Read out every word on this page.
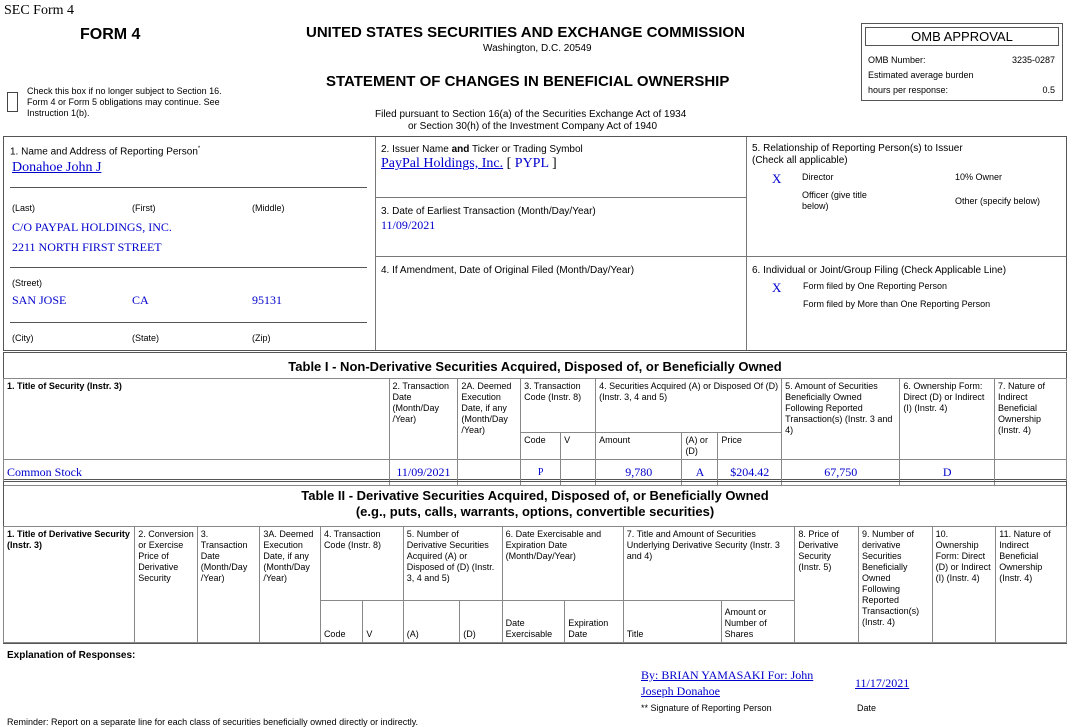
SEC Form 4
FORM 4	UNITED STATES SECURITIES AND EXCHANGE COMMISSION
Washington, D.C. 20549
STATEMENT OF CHANGES IN BENEFICIAL OWNERSHIP
Filed pursuant to Section 16(a) of the Securities Exchange Act of 1934
or Section 30(h) of the Investment Company Act of 1940
Check this box if no longer subject to Section 16. Form 4 or Form 5 obligations may continue. See Instruction 1(b).
OMB APPROVAL
OMB Number:	3235-0287
Estimated average burden
hours per response:	0.5
1. Name and Address of Reporting Person*
Donahoe John J
(Last)	(First)	(Middle)
C/O PAYPAL HOLDINGS, INC.
2211 NORTH FIRST STREET
(Street)
SAN JOSE	CA	95131
(City)	(State)	(Zip)
2. Issuer Name and Ticker or Trading Symbol
PayPal Holdings, Inc. [ PYPL ]
3. Date of Earliest Transaction (Month/Day/Year)
11/09/2021
4. If Amendment, Date of Original Filed (Month/Day/Year)
5. Relationship of Reporting Person(s) to Issuer
(Check all applicable)
X Director	10% Owner
Officer (give title below)	Other (specify below)
6. Individual or Joint/Group Filing (Check Applicable Line)
X Form filed by One Reporting Person
Form filed by More than One Reporting Person
Table I - Non-Derivative Securities Acquired, Disposed of, or Beneficially Owned
1. Title of Security (Instr. 3)	2. Transaction Date (Month/Day /Year)	2A. Deemed Execution Date, if any (Month/Day /Year)	3. Transaction Code (Instr. 8)		4. Securities Acquired (A) or Disposed Of (D) (Instr. 3, 4 and 5)			5. Amount of Securities Beneficially Owned Following Reported Transaction(s) (Instr. 3 and 4)	6. Ownership Form: Direct (D) or Indirect (I) (Instr. 4)	7. Nature of Indirect Beneficial Ownership (Instr. 4)
			Code	V	Amount	(A) or (D)	Price			
Common Stock	11/09/2021		P		9,780	A	$204.42	67,750	D	
Table II - Derivative Securities Acquired, Disposed of, or Beneficially Owned
(e.g., puts, calls, warrants, options, convertible securities)
1. Title of Derivative Security (Instr. 3)	2. Conversion or Exercise Price of Derivative Security	3. Transaction Date (Month/Day /Year)	3A. Deemed Execution Date, if any (Month/Day /Year)	4. Transaction Code (Instr. 8)		5. Number of Derivative Securities Acquired (A) or Disposed of (D) (Instr. 3, 4 and 5)		6. Date Exercisable and Expiration Date (Month/Day/Year)		7. Title and Amount of Securities Underlying Derivative Security (Instr. 3 and 4)		8. Price of Derivative Security (Instr. 5)	9. Number of derivative Securities Beneficially Owned Following Reported Transaction(s) (Instr. 4)	10. Ownership Form: Direct (D) or Indirect (I) (Instr. 4)	11. Nature of Indirect Beneficial Ownership (Instr. 4)
				Code	V	(A)	(D)	Date Exercisable	Expiration Date	Title	Amount or Number of Shares				
Explanation of Responses:
By: BRIAN YAMASAKI For: John Joseph Donahoe
11/17/2021
** Signature of Reporting Person	Date
Reminder: Report on a separate line for each class of securities beneficially owned directly or indirectly.
